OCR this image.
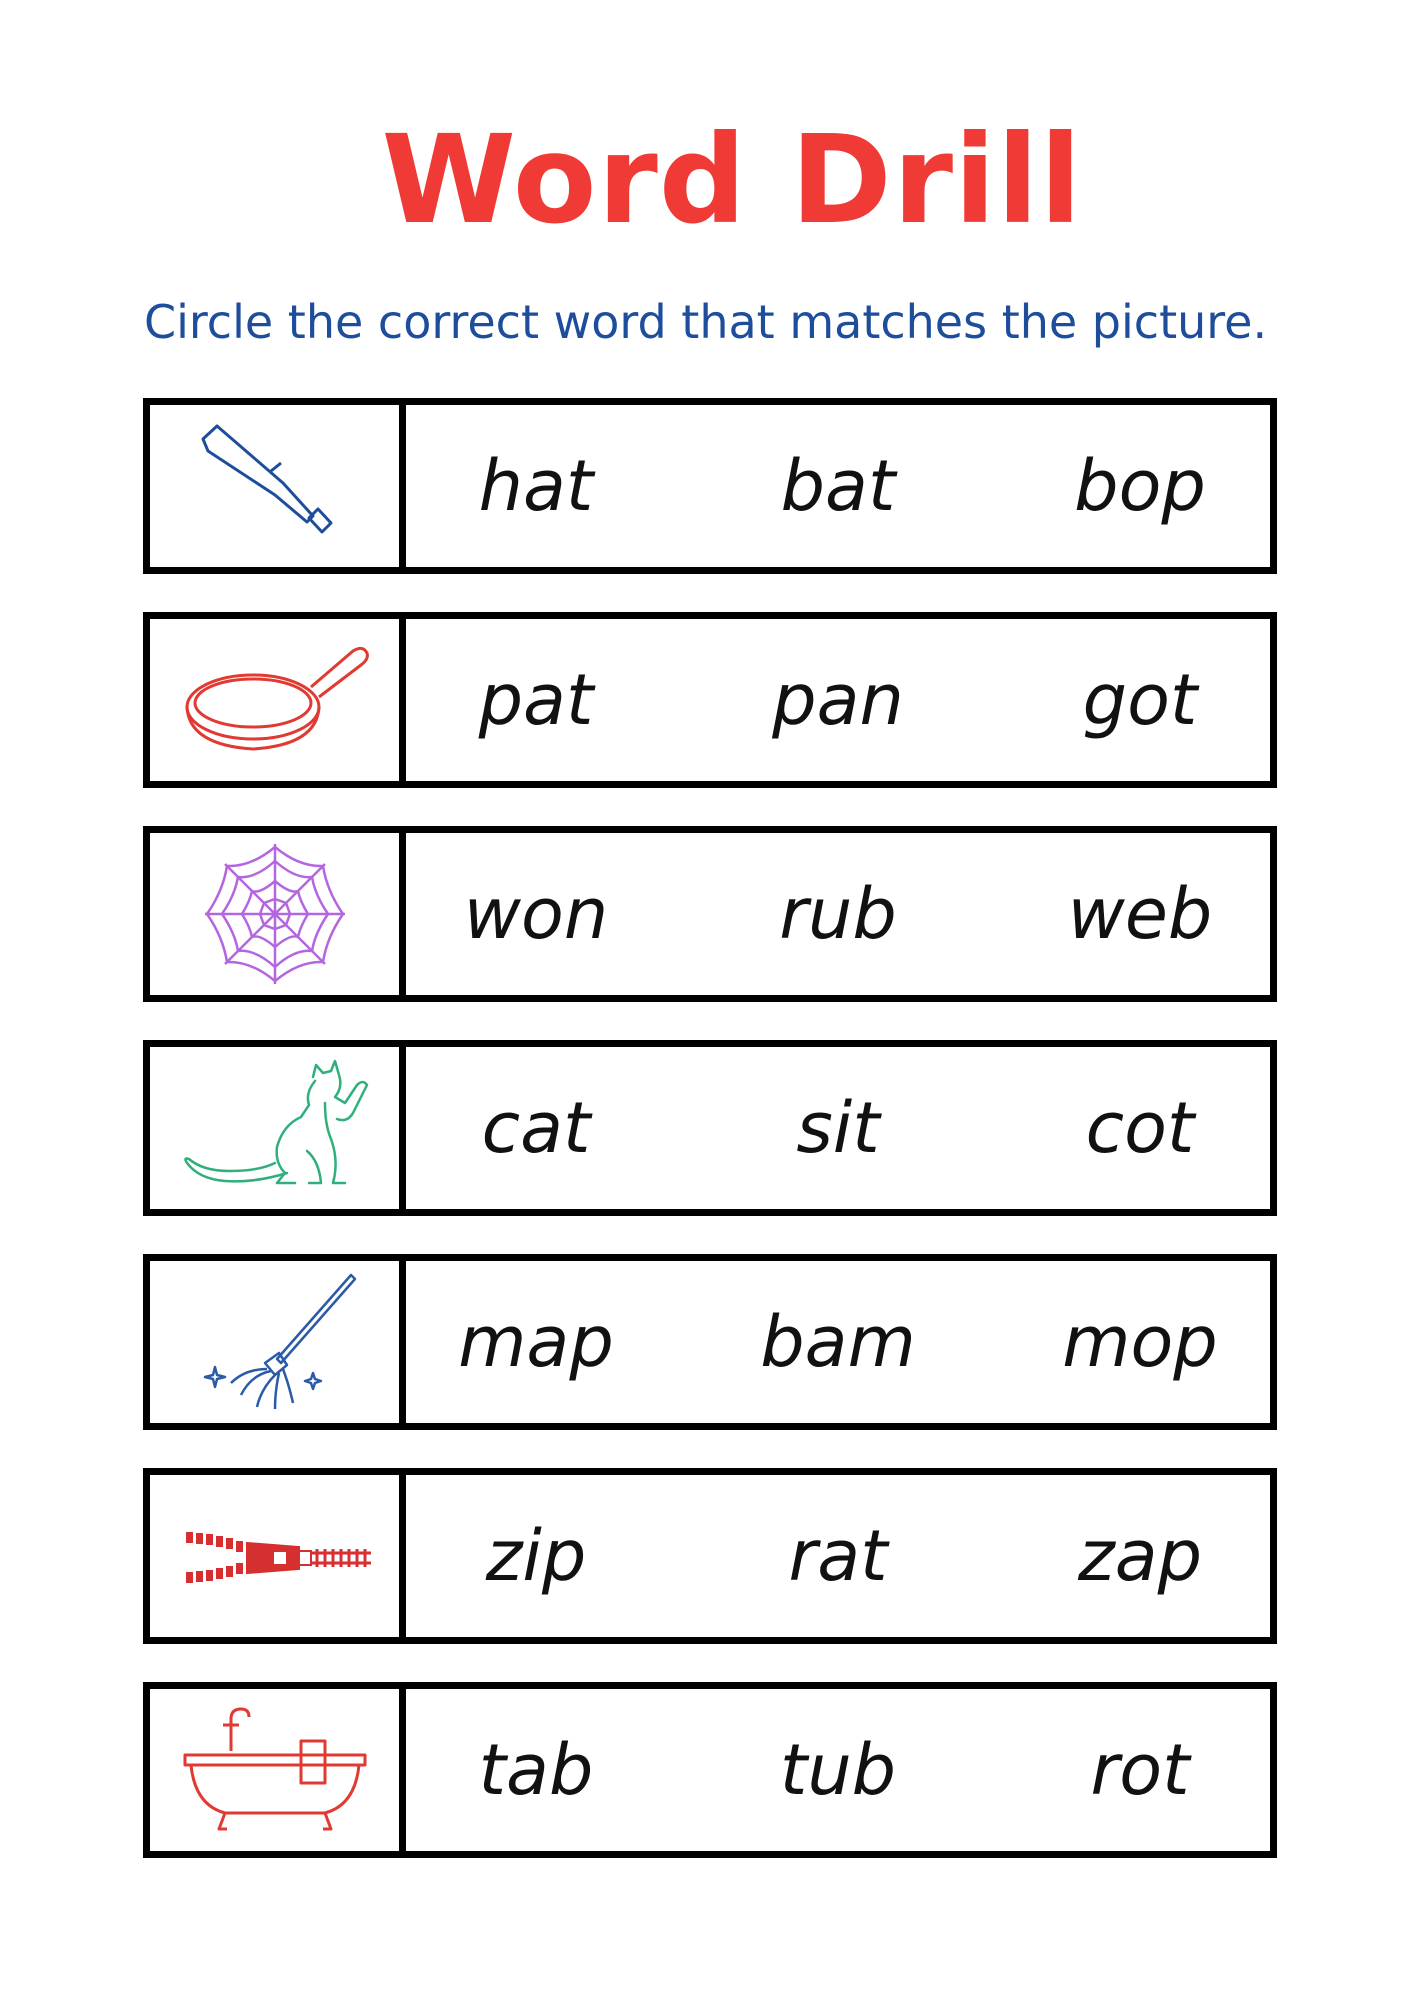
Word Drill
Circle the correct word that matches the picture.
hat	bat	bop
pat	pan	got
won	rub	web
cat	sit	cot
map	bam	mop
zip	rat	zap
tab	tub	rot
